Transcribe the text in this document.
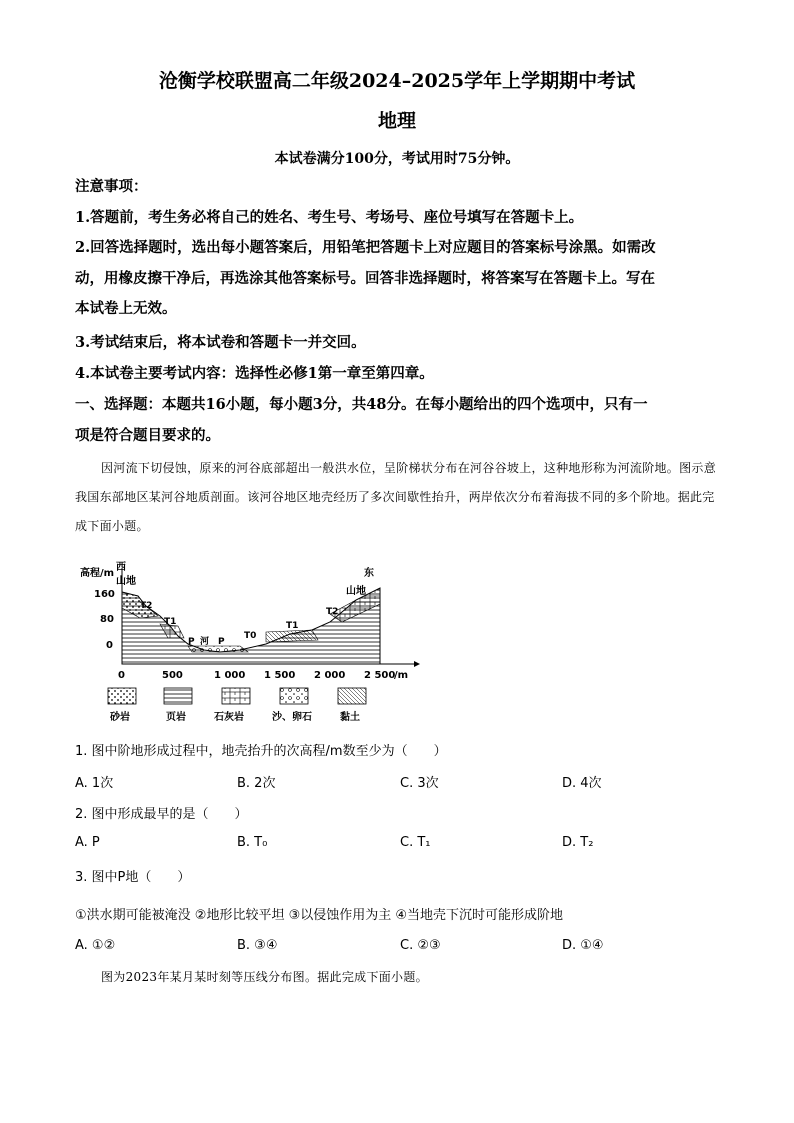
沧衡学校联盟高二年级2024–2025学年上学期期中考试
地理
本试卷满分100分，考试用时75分钟。
注意事项：
1.答题前，考生务必将自己的姓名、考生号、考场号、座位号填写在答题卡上。
2.回答选择题时，选出每小题答案后，用铅笔把答题卡上对应题目的答案标号涂黑。如需改
动，用橡皮擦干净后，再选涂其他答案标号。回答非选择题时，将答案写在答题卡上。写在
本试卷上无效。
3.考试结束后，将本试卷和答题卡一并交回。
4.本试卷主要考试内容：选择性必修1第一章至第四章。
一、选择题：本题共16小题，每小题3分，共48分。在每小题给出的四个选项中，只有一
项是符合题目要求的。
因河流下切侵蚀，原来的河谷底部超出一般洪水位，呈阶梯状分布在河谷谷坡上，这种地形称为河流阶地。图示意我国东部地区某河谷地质剖面。该河谷地区地壳经历了多次间歇性抬升，两岸依次分布着海拔不同的多个阶地。据此完成下面小题。
高程/m
西
山地
东
山地
160
80
0
T2
T1
P 河 P
T0
T1
T2
0	500	1 000 1 500 2 000 2 500
/m
砂岩	页岩	石灰岩	沙、卵石	黏土
1. 图中阶地形成过程中，地壳抬升的次高程/m数至少为（　　）
A. 1次	B. 2次	C. 3次	D. 4次
2. 图中形成最早的是（　　）
A. P	B. T₀	C. T₁	D. T₂
3. 图中P地（　　）
①洪水期可能被淹没 ②地形比较平坦 ③以侵蚀作用为主 ④当地壳下沉时可能形成阶地
A. ①②	B. ③④	C. ②③	D. ①④
图为2023年某月某时刻等压线分布图。据此完成下面小题。
